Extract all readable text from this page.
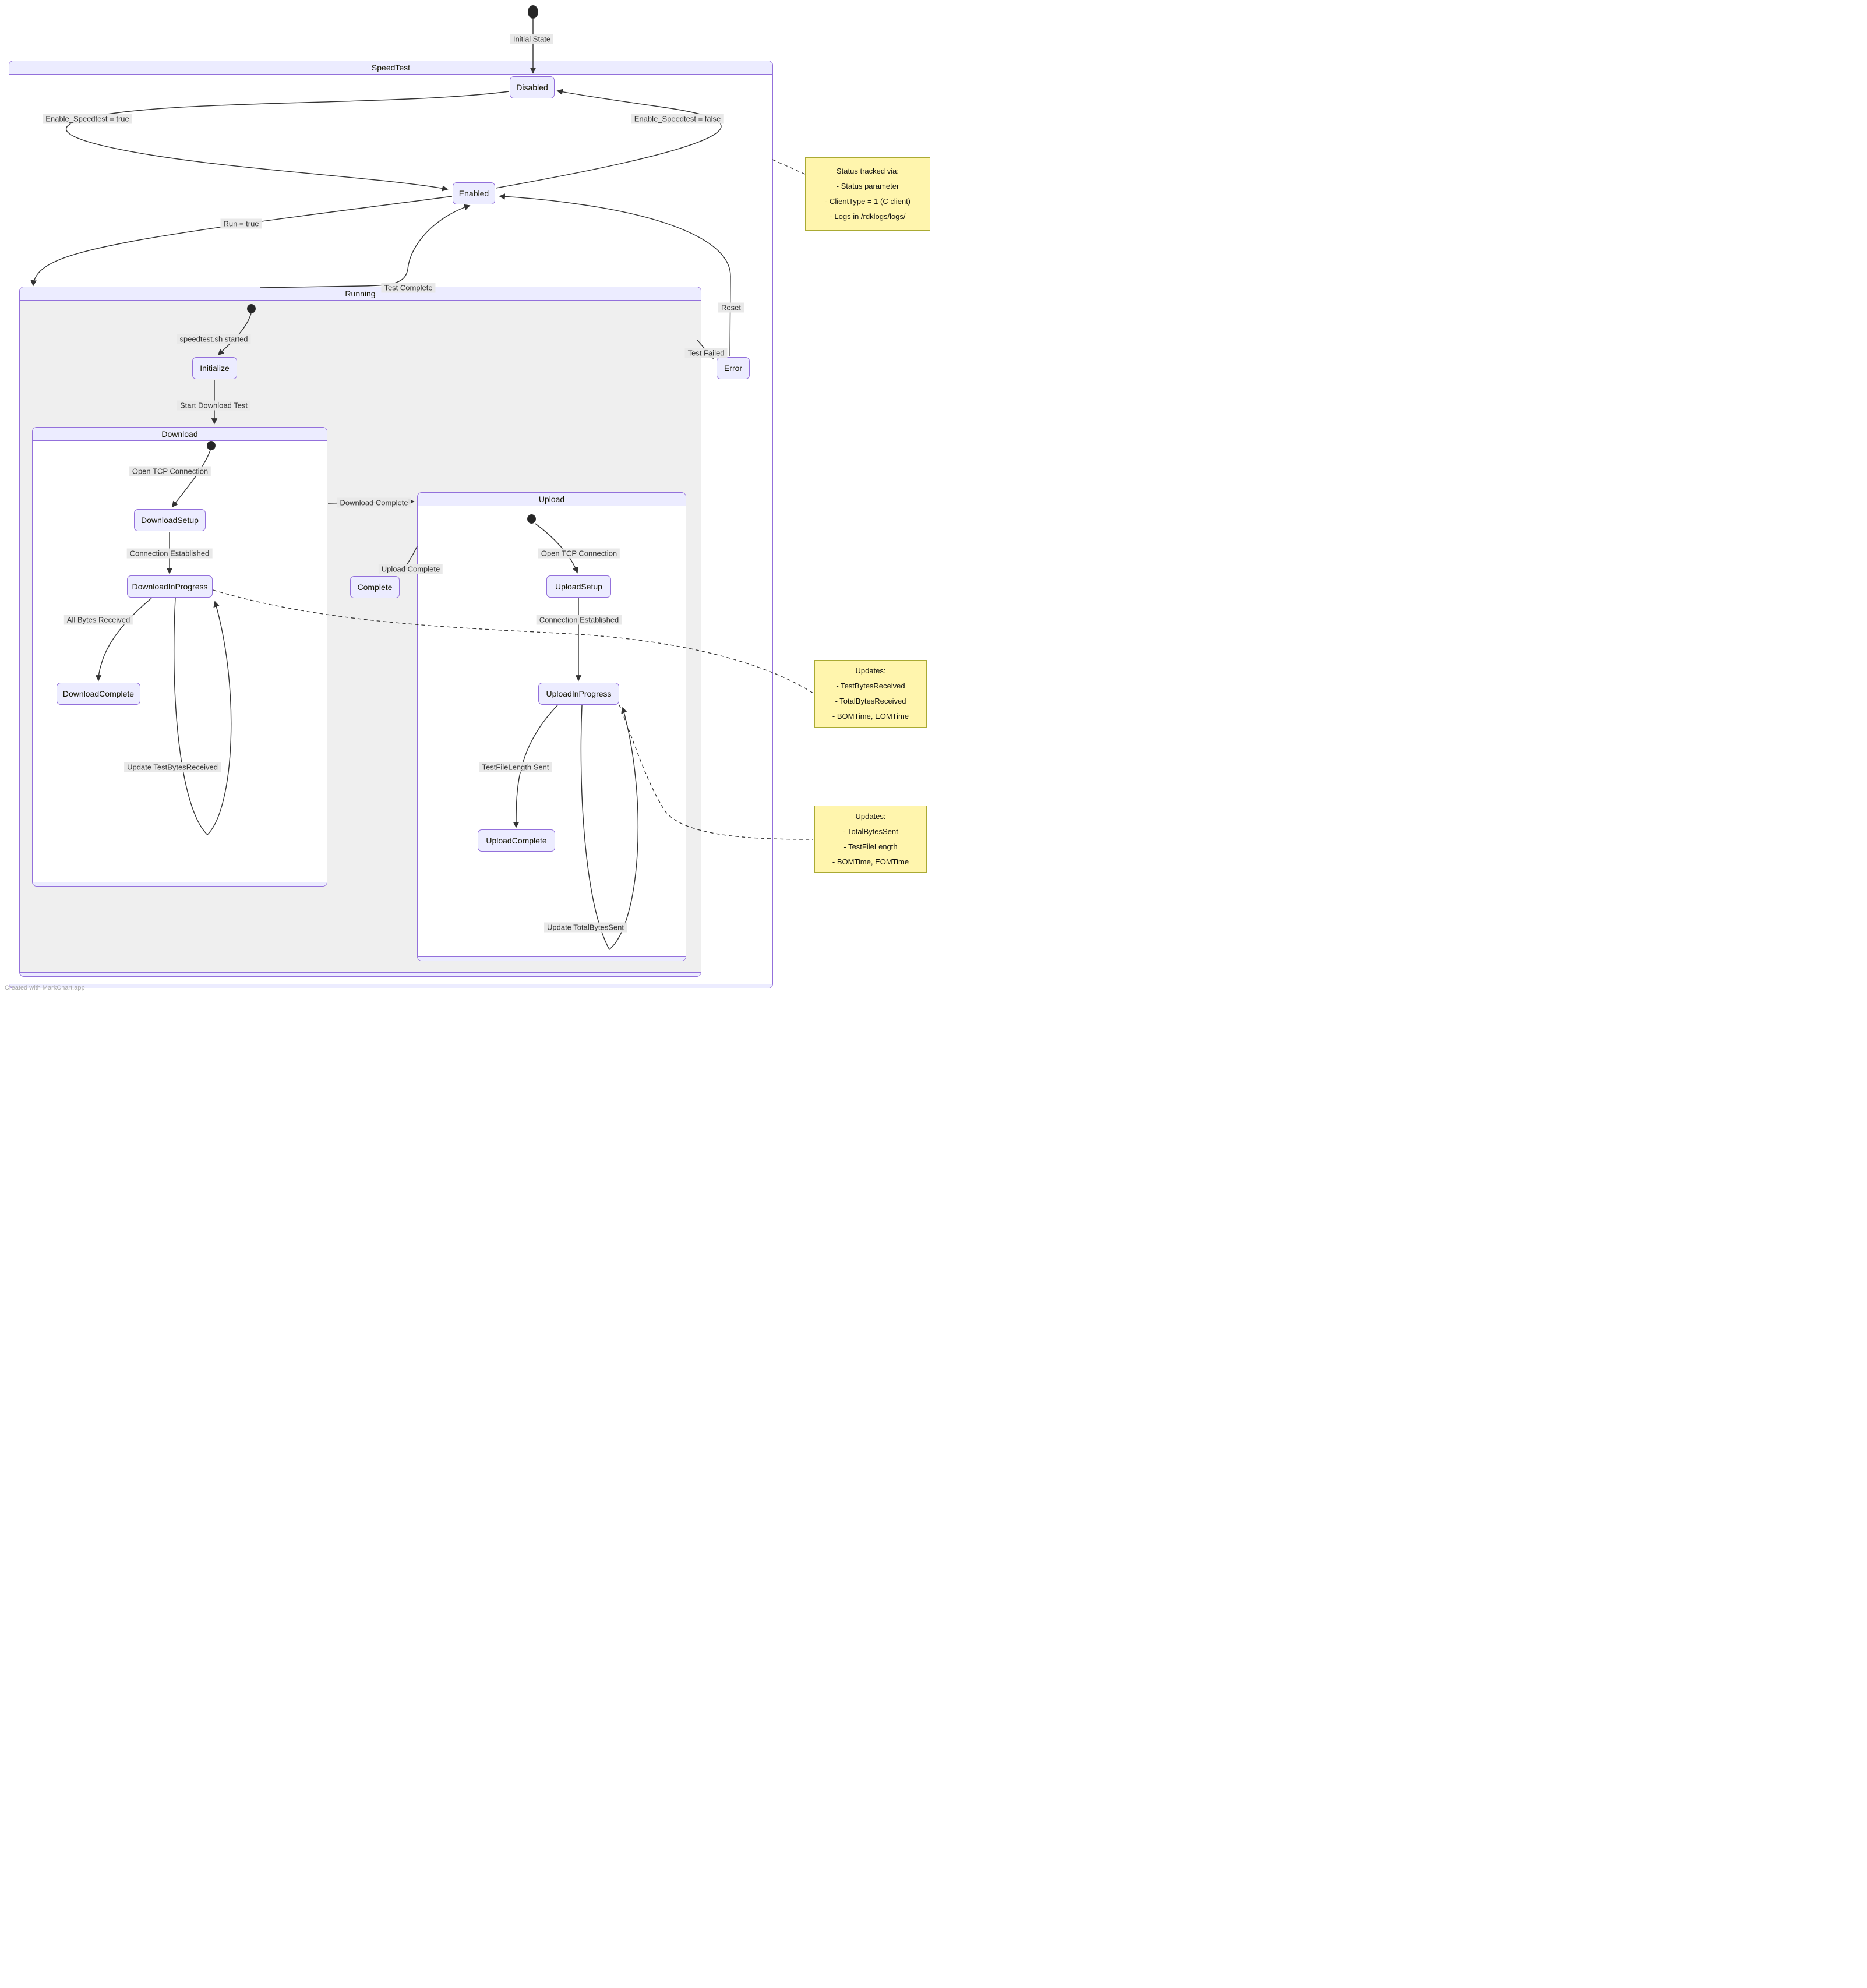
SpeedTest
Running
Download
Upload
Disabled
Enabled
Error
Initialize
DownloadSetup
DownloadInProgress
DownloadComplete
Complete	UploadSetup
UploadInProgress
UploadComplete
Initial State
Enable_Speedtest = true	Enable_Speedtest = false
Run = true
Test Complete
Reset
Test Failed
speedtest.sh started
Start Download Test
Open TCP Connection
Connection Established
All Bytes Received
Update TestBytesReceived
Download Complete
Upload Complete
Open TCP Connection
Connection Established
TestFileLength Sent
Update TotalBytesSent
Status tracked via:
- Status parameter
- ClientType = 1 (C client)
- Logs in /rdklogs/logs/
Updates:
- TestBytesReceived
- TotalBytesReceived
- BOMTime, EOMTime
Updates:
- TotalBytesSent
- TestFileLength
- BOMTime, EOMTime
Created with MarkChart.app
